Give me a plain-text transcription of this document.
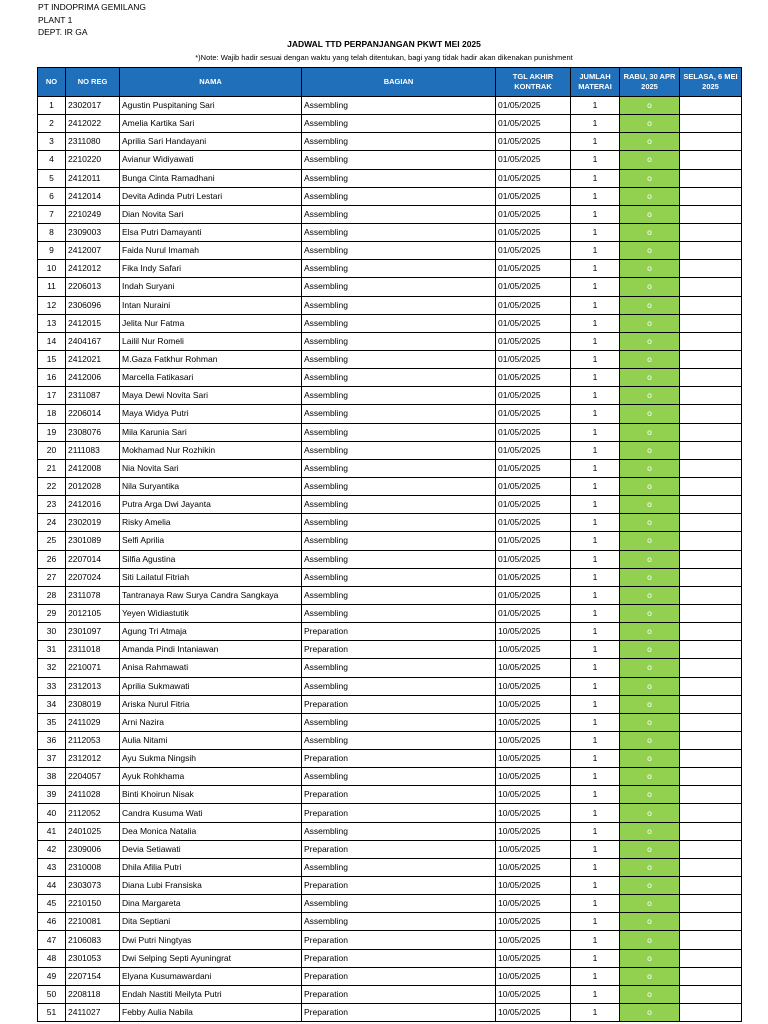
PT INDOPRIMA GEMILANG
PLANT 1
DEPT. IR GA
JADWAL TTD PERPANJANGAN PKWT MEI 2025
*)Note: Wajib hadir sesuai dengan waktu yang telah ditentukan, bagi yang tidak hadir akan dikenakan punishment
NO	NO REG	NAMA	BAGIAN	TGL AKHIR KONTRAK	JUMLAH MATERAI	RABU, 30 APR 2025	SELASA, 6 MEI 2025
1	2302017	Agustin Puspitaning Sari	Assembling	01/05/2025	1	o	
2	2412022	Amelia Kartika Sari	Assembling	01/05/2025	1	o	
3	2311080	Aprilia Sari Handayani	Assembling	01/05/2025	1	o	
4	2210220	Avianur Widiyawati	Assembling	01/05/2025	1	o	
5	2412011	Bunga Cinta Ramadhani	Assembling	01/05/2025	1	o	
6	2412014	Devita Adinda Putri Lestari	Assembling	01/05/2025	1	o	
7	2210249	Dian Novita Sari	Assembling	01/05/2025	1	o	
8	2309003	Elsa Putri Damayanti	Assembling	01/05/2025	1	o	
9	2412007	Faida Nurul Imamah	Assembling	01/05/2025	1	o	
10	2412012	Fika Indy Safari	Assembling	01/05/2025	1	o	
11	2206013	Indah Suryani	Assembling	01/05/2025	1	o	
12	2306096	Intan Nuraini	Assembling	01/05/2025	1	o	
13	2412015	Jelita Nur Fatma	Assembling	01/05/2025	1	o	
14	2404167	Lailil Nur Romeli	Assembling	01/05/2025	1	o	
15	2412021	M.Gaza Fatkhur Rohman	Assembling	01/05/2025	1	o	
16	2412006	Marcella Fatikasari	Assembling	01/05/2025	1	o	
17	2311087	Maya Dewi Novita Sari	Assembling	01/05/2025	1	o	
18	2206014	Maya Widya Putri	Assembling	01/05/2025	1	o	
19	2308076	Mila Karunia Sari	Assembling	01/05/2025	1	o	
20	2111083	Mokhamad Nur Rozhikin	Assembling	01/05/2025	1	o	
21	2412008	Nia Novita Sari	Assembling	01/05/2025	1	o	
22	2012028	Nila Suryantika	Assembling	01/05/2025	1	o	
23	2412016	Putra Arga Dwi Jayanta	Assembling	01/05/2025	1	o	
24	2302019	Risky Amelia	Assembling	01/05/2025	1	o	
25	2301089	Selfi Aprilia	Assembling	01/05/2025	1	o	
26	2207014	Silfia Agustina	Assembling	01/05/2025	1	o	
27	2207024	Siti Lailatul Fitriah	Assembling	01/05/2025	1	o	
28	2311078	Tantranaya Raw Surya Candra Sangkaya	Assembling	01/05/2025	1	o	
29	2012105	Yeyen Widiastutik	Assembling	01/05/2025	1	o	
30	2301097	Agung Tri Atmaja	Preparation	10/05/2025	1	o	
31	2311018	Amanda Pindi Intaniawan	Preparation	10/05/2025	1	o	
32	2210071	Anisa Rahmawati	Assembling	10/05/2025	1	o	
33	2312013	Aprilia Sukmawati	Assembling	10/05/2025	1	o	
34	2308019	Ariska Nurul Fitria	Preparation	10/05/2025	1	o	
35	2411029	Arni Nazira	Assembling	10/05/2025	1	o	
36	2112053	Aulia Nitami	Assembling	10/05/2025	1	o	
37	2312012	Ayu Sukma Ningsih	Preparation	10/05/2025	1	o	
38	2204057	Ayuk Rohkhama	Assembling	10/05/2025	1	o	
39	2411028	Binti Khoirun Nisak	Preparation	10/05/2025	1	o	
40	2112052	Candra Kusuma Wati	Preparation	10/05/2025	1	o	
41	2401025	Dea Monica Natalia	Assembling	10/05/2025	1	o	
42	2309006	Devia Setiawati	Preparation	10/05/2025	1	o	
43	2310008	Dhila Afilia Putri	Assembling	10/05/2025	1	o	
44	2303073	Diana Lubi Fransiska	Preparation	10/05/2025	1	o	
45	2210150	Dina Margareta	Assembling	10/05/2025	1	o	
46	2210081	Dita Septiani	Assembling	10/05/2025	1	o	
47	2106083	Dwi Putri Ningtyas	Preparation	10/05/2025	1	o	
48	2301053	Dwi Selping Septi Ayuningrat	Preparation	10/05/2025	1	o	
49	2207154	Elyana Kusumawardani	Preparation	10/05/2025	1	o	
50	2208118	Endah Nastiti Meilyta Putri	Preparation	10/05/2025	1	o	
51	2411027	Febby Aulia Nabila	Preparation	10/05/2025	1	o	
